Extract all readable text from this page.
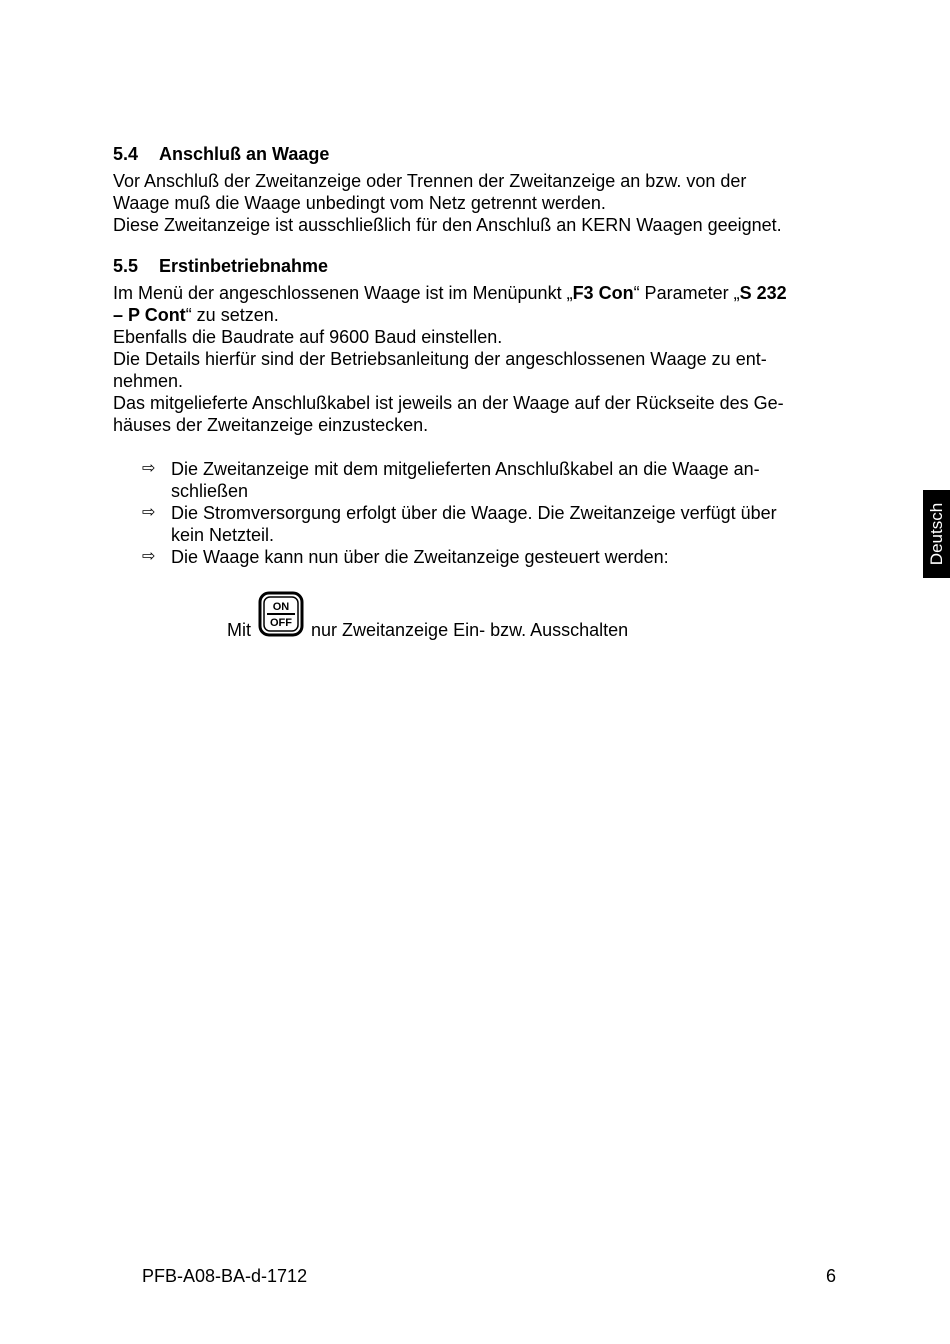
5.4 Anschluß an Waage
Vor Anschluß der Zweitanzeige oder Trennen der Zweitanzeige an bzw. von der
Waage muß die Waage unbedingt vom Netz getrennt werden.
Diese Zweitanzeige ist ausschließlich für den Anschluß an KERN Waagen geeignet.
5.5 Erstinbetriebnahme
Im Menü der angeschlossenen Waage ist im Menüpunkt „F3 Con“ Parameter „S 232
– P Cont“ zu setzen.
Ebenfalls die Baudrate auf 9600 Baud einstellen.
Die Details hierfür sind der Betriebsanleitung der angeschlossenen Waage zu ent-
nehmen.
Das mitgelieferte Anschlußkabel ist jeweils an der Waage auf der Rückseite des Ge-
häuses der Zweitanzeige einzustecken.
⇨ Die Zweitanzeige mit dem mitgelieferten Anschlußkabel an die Waage an-
schließen
⇨ Die Stromversorgung erfolgt über die Waage. Die Zweitanzeige verfügt über
kein Netzteil.
⇨ Die Waage kann nun über die Zweitanzeige gesteuert werden:
Mit
ON
OFF nur Zweitanzeige Ein- bzw. Ausschalten
Deutsch
PFB-A08-BA-d-1712	6
